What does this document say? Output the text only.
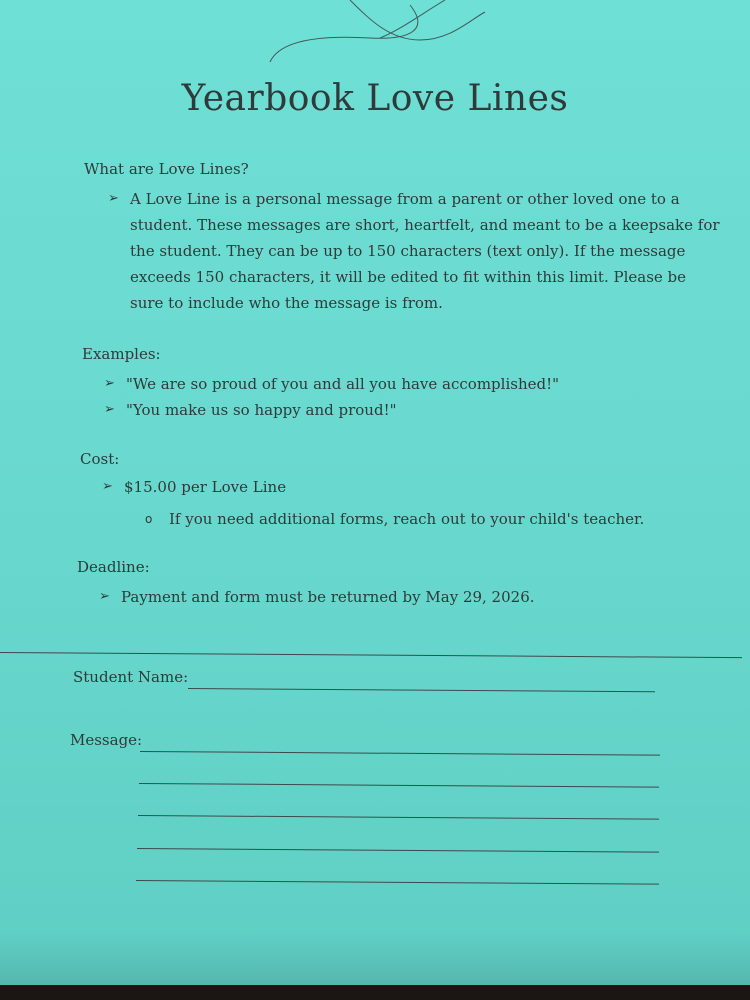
Yearbook Love Lines

What are Love Lines?

➢ A Love Line is a personal message from a parent or other loved one to a student. These messages are short, heartfelt, and meant to be a keepsake for the student. They can be up to 150 characters (text only). If the message exceeds 150 characters, it will be edited to fit within this limit. Please be sure to include who the message is from.

Examples:

➢ "We are so proud of you and all you have accomplished!"
➢ "You make us so happy and proud!"

Cost:

➢ $15.00 per Love Line
o If you need additional forms, reach out to your child's teacher.

Deadline:

➢ Payment and form must be returned by May 29, 2026.
Student Name:
Message:
